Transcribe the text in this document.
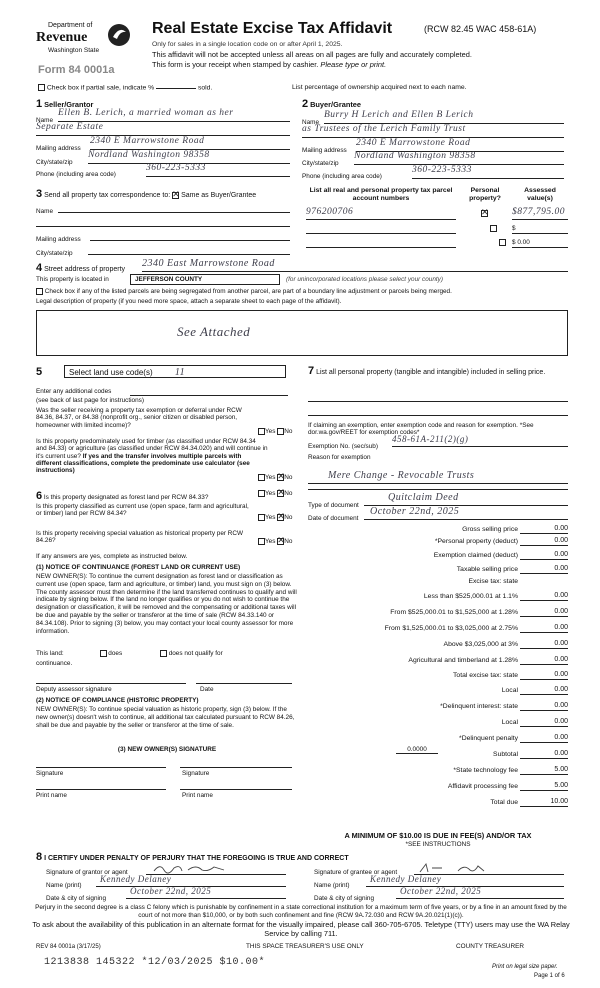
Department of
Revenue
Washington State
Form 84 0001a
Real Estate Excise Tax Affidavit	(RCW 82.45 WAC 458-61A)
Only for sales in a single location code on or after April 1, 2025.
This affidavit will not be accepted unless all areas on all pages are fully and accurately completed.
This form is your receipt when stamped by cashier. Please type or print.
Check box if partial sale, indicate %	sold.	List percentage of ownership acquired next to each name.
1 Seller/Grantor
Name
Ellen B. Lerich, a married woman as her
Separate Estate
Mailing address
2340 E Marrowstone Road
City/state/zip
Nordland Washington 98358
Phone (including area code)
360-223-5333
2 Buyer/Grantee
Name
Burry H Lerich and Ellen B Lerich
as Trustees of the Lerich Family Trust
Mailing address
2340 E Marrowstone Road
City/state/zip
Nordland Washington 98358
Phone (including area code)
360-223-5333
3 Send all property tax correspondence to: ✕ Same as Buyer/Grantee
Name
Mailing address
City/state/zip
List all real and personal property tax parcel account numbers
Personal property?
Assessed value(s)
976200706 ✕	$877,795.00

$
$ 0.00
4 Street address of property
2340 East Marrowstone Road
This property is located in	JEFFERSON COUNTY	(for unincorporated locations please select your county)
Check box if any of the listed parcels are being segregated from another parcel, are part of a boundary line adjustment or parcels being merged.
Legal description of property (if you need more space, attach a separate sheet to each page of the affidavit).
See Attached
5	Select land use code(s) 11
Enter any additional codes
(see back of last page for instructions)
Was the seller receiving a property tax exemption or deferral under RCW 84.36, 84.37, or 84.38 (nonprofit org., senior citizen or disabled person, homeowner with limited income)?
Yes No
Is this property predominately used for timber (as classified under RCW 84.34 and 84.33) or agriculture (as classified under RCW 84.34.020) and will continue in it's current use? If yes and the transfer involves multiple parcels with different classifications, complete the predominate use calculator (see instructions)
Yes ✕ No
6 Is this property designated as forest land per RCW 84.33?
Yes ✕ No
Is this property classified as current use (open space, farm and agricultural, or timber) land per RCW 84.34?
Yes ✕ No
Is this property receiving special valuation as historical property per RCW 84.26?	Yes ✕ No
If any answers are yes, complete as instructed below.
(1) NOTICE OF CONTINUANCE (FOREST LAND OR CURRENT USE)
NEW OWNER(S): To continue the current designation as forest land or classification as current use (open space, farm and agriculture, or timber) land, you must sign on (3) below. The county assessor must then determine if the land transferred continues to qualify and will indicate by signing below. If the land no longer qualifies or you do not wish to continue the designation or classification, it will be removed and the compensating or additional taxes will be due and payable by the seller or transferor at the time of sale (RCW 84.33.140 or 84.34.108). Prior to signing (3) below, you may contact your local county assessor for more information.
This land:	does	does not qualify for
continuance.
Deputy assessor signature	Date
(2) NOTICE OF COMPLIANCE (HISTORIC PROPERTY)
NEW OWNER(S): To continue special valuation as historic property, sign (3) below. If the new owner(s) doesn't wish to continue, all additional tax calculated pursuant to RCW 84.26, shall be due and payable by the seller or transferor at the time of sale.
(3) NEW OWNER(S) SIGNATURE
Signature	Signature
Print name	Print name
7 List all personal property (tangible and intangible) included in selling price.
If claiming an exemption, enter exemption code and reason for exemption. *See dor.wa.gov/REET for exemption codes*
Exemption No. (sec/sub)
458-61A-211(2)(g)
Reason for exemption
Mere Change - Revocable Trusts
Type of document
Quitclaim Deed
Date of document
October 22nd, 2025
Gross selling price	0.00
*Personal property (deduct)	0.00
Exemption claimed (deduct)	0.00
Taxable selling price	0.00
Excise tax: state
Less than $525,000.01 at 1.1%	0.00
From $525,000.01 to $1,525,000 at 1.28%	0.00
From $1,525,000.01 to $3,025,000 at 2.75%	0.00
Above $3,025,000 at 3%	0.00
Agricultural and timberland at 1.28%	0.00
Total excise tax: state	0.00
Local	0.00
*Delinquent interest: state	0.00
Local	0.00
*Delinquent penalty	0.00
Subtotal	0.00
*State technology fee	5.00
Affidavit processing fee	5.00
Total due	10.00
0.0000
A MINIMUM OF $10.00 IS DUE IN FEE(S) AND/OR TAX
*SEE INSTRUCTIONS
8 I CERTIFY UNDER PENALTY OF PERJURY THAT THE FOREGOING IS TRUE AND CORRECT
Signature of grantor or agent	Signature of grantee or agent
Name (print)
Kennedy Delaney
Name (print)
Kennedy Delaney
Date & city of signing
October 22nd, 2025
Date & city of signing
October 22nd, 2025
Perjury in the second degree is a class C felony which is punishable by confinement in a state correctional institution for a maximum term of five years, or by a fine in an amount fixed by the court of not more than $10,000, or by both such confinement and fine (RCW 9A.72.030 and RCW 9A.20.021(1)(c)).
To ask about the availability of this publication in an alternate format for the visually impaired, please call 360-705-6705. Teletype (TTY) users may use the WA Relay Service by calling 711.
REV 84 0001a (3/17/25)	THIS SPACE TREASURER'S USE ONLY	COUNTY TREASURER
1213838 145322 *12/03/2025 $10.00*	Print on legal size paper.
Page 1 of 6
